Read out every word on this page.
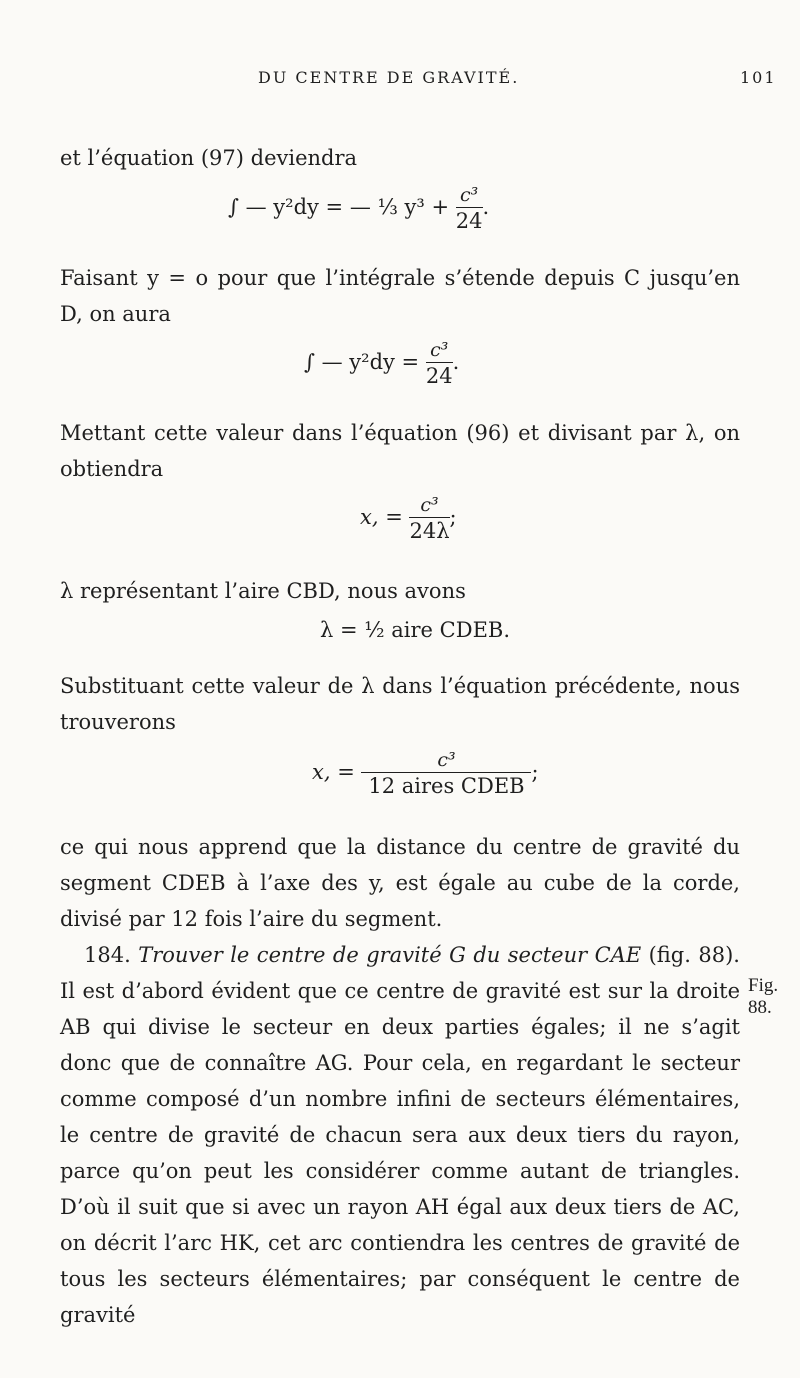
DU CENTRE DE GRAVITÉ.	101
et l’équation (97) deviendra
∫ — y²dy = — ⅓ $y^3 + \frac{\text{c³}}{24}$ .
Faisant y = o pour que l’intégrale s’étende depuis C jusqu’en D, on aura
∫ — $y^2dy = \frac{\text{c³}}{24}$ .
Mettant cette valeur dans l’équation (96) et divisant par λ, on obtiendra
x, = $\frac{\text{c³}}{24\lambda}$ ;
λ représentant l’aire CBD, nous avons
λ = ½ aire CDEB.
Substituant cette valeur de λ dans l’équation précédente, nous trouverons
x, = $\frac{\text{c³}}{\text{12 aires CDEB}}$ ;
ce qui nous apprend que la distance du centre de gravité du segment CDEB à l’axe des y, est égale au cube de la corde, divisé par 12 fois l’aire du segment.
184. Trouver le centre de gravité G du secteur CAE (fig. 88). Il est d’abord évident que ce centre de gravité est sur la droite AB qui divise le secteur en deux parties égales; il ne s’agit donc que de connaître AG. Pour cela, en regardant le secteur comme composé d’un nombre infini de secteurs élémentaires, le centre de gravité de chacun sera aux deux tiers du rayon, parce qu’on peut les considérer comme autant de triangles. D’où il suit que si avec un rayon AH égal aux deux tiers de AC, on décrit l’arc HK, cet arc contiendra les centres de gravité de tous les secteurs élémentaires; par conséquent le centre de gravité
Fig. 88.
